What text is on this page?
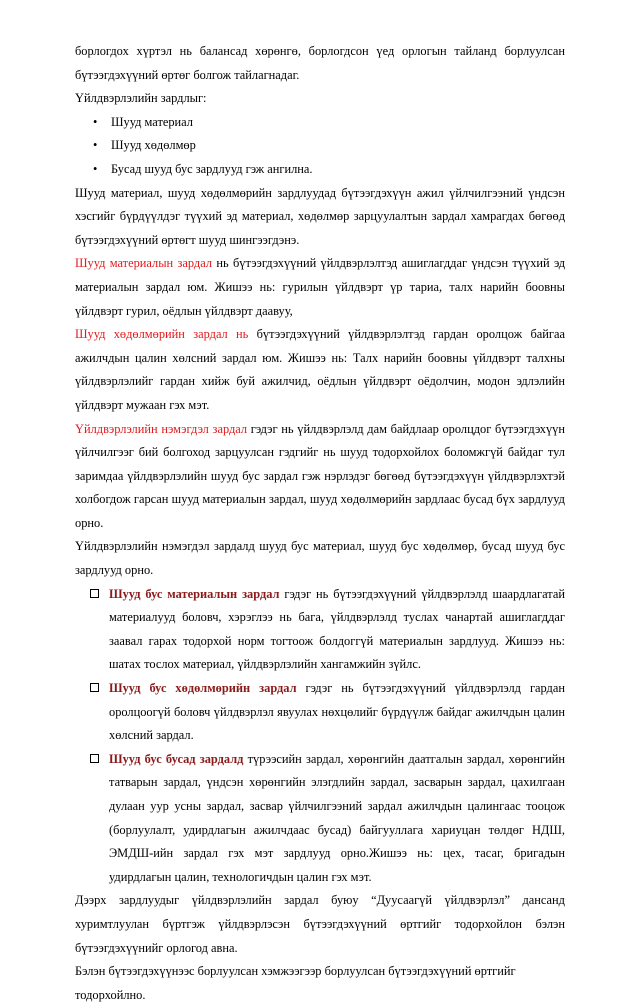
борлогдох хүртэл нь балансад хөрөнгө, борлогдсон үед орлогын тайланд борлуулсан бүтээгдэхүүний өртөг болгож тайлагнадаг.

Үйлдвэрлэлийн зардлыг:

• Шууд материал
• Шууд хөдөлмөр
• Бусад шууд бус зардлууд гэж ангилна.

Шууд материал, шууд хөдөлмөрийн зардлуудад бүтээгдэхүүн ажил үйлчилгээний үндсэн хэсгийг бүрдүүлдэг түүхий эд материал, хөдөлмөр зарцуулалтын зардал хамрагдах бөгөөд бүтээгдэхүүний өртөгт шууд шингээгдэнэ.

Шууд материалын зардал нь бүтээгдэхүүний үйлдвэрлэлтэд ашиглагддаг үндсэн түүхий эд материалын зардал юм. Жишээ нь: гурилын үйлдвэрт үр тариа, талх нарийн боовны үйлдвэрт гурил, оёдлын үйлдвэрт даавуу,

Шууд хөдөлмөрийн зардал нь бүтээгдэхүүний үйлдвэрлэлтэд гардан оролцож байгаа ажилчдын цалин хөлсний зардал юм. Жишээ нь: Талх нарийн боовны үйлдвэрт талхны үйлдвэрлэлийг гардан хийж буй ажилчид, оёдлын үйлдвэрт оёдолчин, модон эдлэлийн үйлдвэрт мужаан гэх мэт.

Үйлдвэрлэлийн нэмэгдэл зардал гэдэг нь үйлдвэрлэлд дам байдлаар оролцдог бүтээгдэхүүн үйлчилгээг бий болгоход зарцуулсан гэдгийг нь шууд тодорхойлох боломжгүй байдаг тул заримдаа үйлдвэрлэлийн шууд бус зардал гэж нэрлэдэг бөгөөд бүтээгдэхүүн үйлдвэрлэхтэй холбогдож гарсан шууд материалын зардал, шууд хөдөлмөрийн зардлаас бусад бүх зардлууд орно.

Үйлдвэрлэлийн нэмэгдэл зардалд шууд бус материал, шууд бус хөдөлмөр, бусад шууд бус зардлууд орно.

Шууд бус материалын зардал гэдэг нь бүтээгдэхүүний үйлдвэрлэлд шаардлагатай материалууд боловч, хэрэглээ нь бага, үйлдвэрлэлд туслах чанартай ашиглагддаг заавал гарах тодорхой норм тогтоож болдоггүй материалын зардлууд. Жишээ нь: шатах тослох материал, үйлдвэрлэлийн хангамжийн зүйлс.
Шууд бус хөдөлмөрийн зардал гэдэг нь бүтээгдэхүүний үйлдвэрлэлд гардан оролцоогүй боловч үйлдвэрлэл явуулах нөхцөлийг бүрдүүлж байдаг ажилчдын цалин хөлсний зардал.
Шууд бус бусад зардалд түрээсийн зардал, хөрөнгийн даатгалын зардал, хөрөнгийн татварын зардал, үндсэн хөрөнгийн элэгдлийн зардал, засварын зардал, цахилгаан дулаан уур усны зардал, засвар үйлчилгээний зардал ажилчдын цалингаас тооцож (борлуулалт, удирдлагын ажилчдаас бусад) байгууллага хариуцан төлдөг НДШ, ЭМДШ-ийн зардал гэх мэт зардлууд орно.Жишээ нь: цех, тасаг, бригадын удирдлагын цалин, технологичдын цалин гэх мэт.

Дээрх зардлуудыг үйлдвэрлэлийн зардал буюу “Дуусаагүй үйлдвэрлэл” дансанд хуримтлуулан бүртгэж үйлдвэрлэсэн бүтээгдэхүүний өртгийг тодорхойлон бэлэн бүтээгдэхүүнийг орлогод авна.

Бэлэн бүтээгдэхүүнээс борлуулсан хэмжээгээр борлуулсан бүтээгдэхүүний өртгийг тодорхойлно.
